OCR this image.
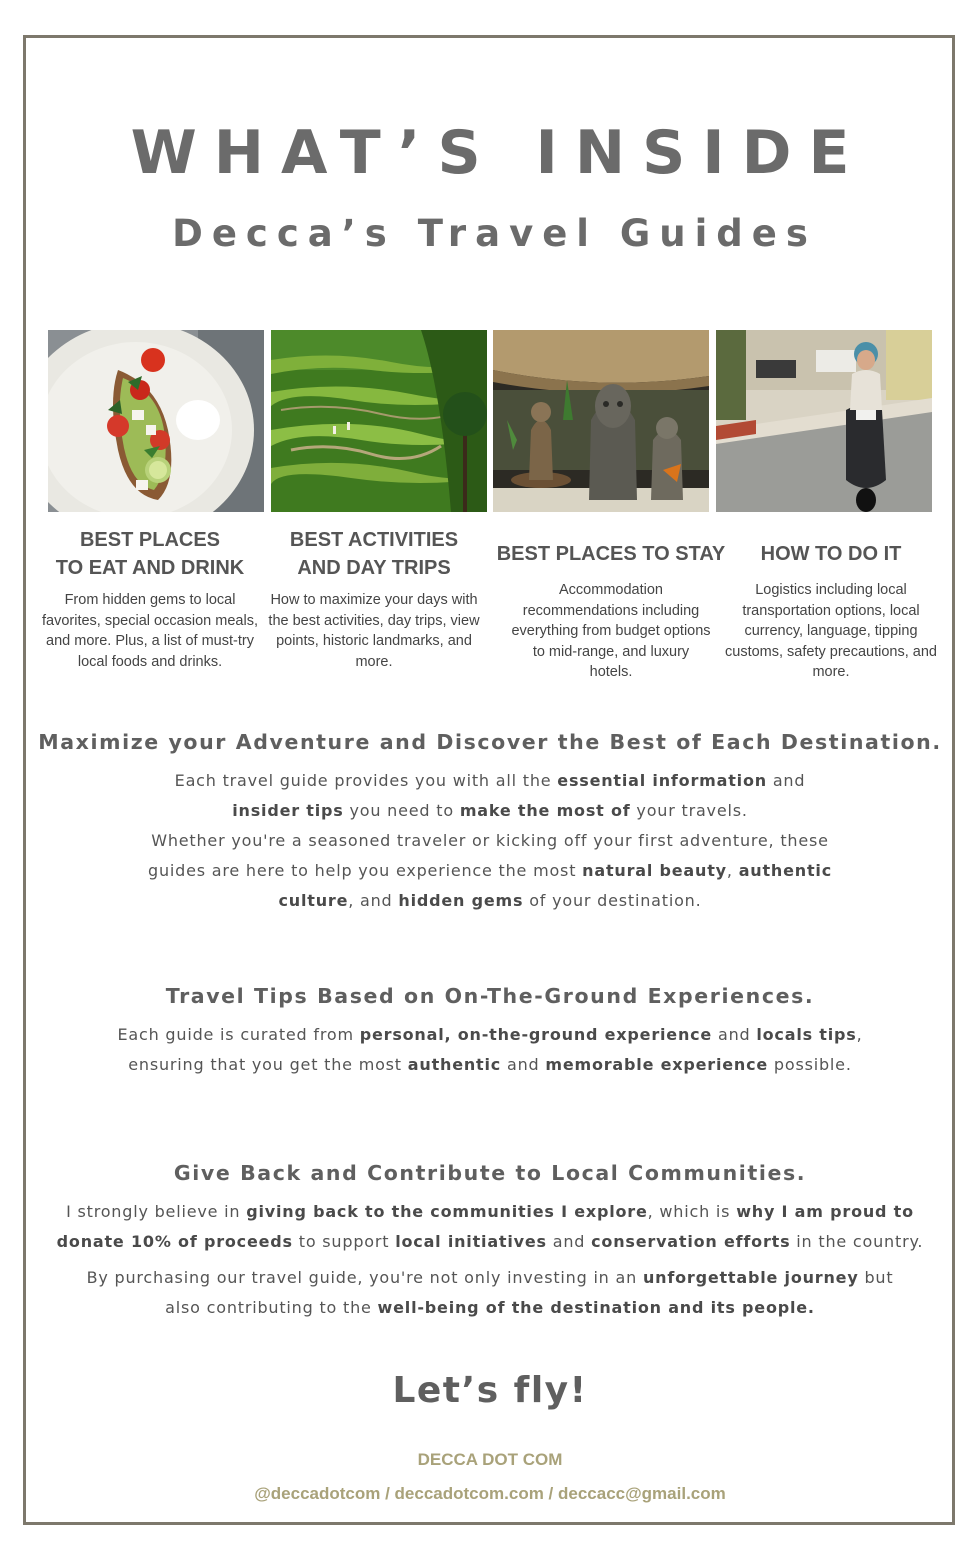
WHAT’S INSIDE
Decca’s Travel Guides
BEST PLACES
TO EAT AND DRINK

From hidden gems to local favorites, special occasion meals, and more. Plus, a list of must-try local foods and drinks.

BEST ACTIVITIES
AND DAY TRIPS

How to maximize your days with the best activities, day trips, view points, historic landmarks, and more.

BEST PLACES TO STAY

Accommodation recommendations including everything from budget options to mid-range, and luxury hotels.

HOW TO DO IT

Logistics including local transportation options, local currency, language, tipping customs, safety precautions, and more.

Maximize your Adventure and Discover the Best of Each Destination.

Each travel guide provides you with all the essential information and
insider tips you need to make the most of your travels.
Whether you're a seasoned traveler or kicking off your first adventure, these
guides are here to help you experience the most natural beauty, authentic
culture, and hidden gems of your destination.

Travel Tips Based on On-The-Ground Experiences.

Each guide is curated from personal, on-the-ground experience and locals tips,
ensuring that you get the most authentic and memorable experience possible.

Give Back and Contribute to Local Communities.

I strongly believe in giving back to the communities I explore, which is why I am proud to
donate 10% of proceeds to support local initiatives and conservation efforts in the country.

By purchasing our travel guide, you're not only investing in an unforgettable journey but
also contributing to the well-being of the destination and its people.

Let’s fly!

DECCA DOT COM

@deccadotcom / deccadotcom.com / deccacc@gmail.com
